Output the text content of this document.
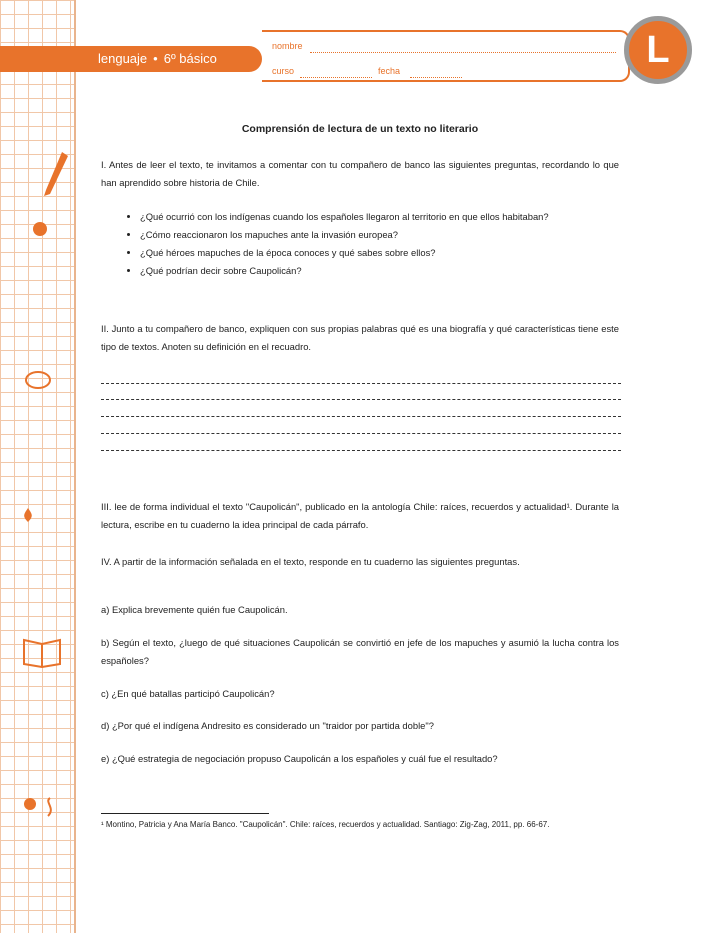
lenguaje • 6º básico
nombre
curso	fecha	L
Comprensión de lectura de un texto no literario
I. Antes de leer el texto, te invitamos a comentar con tu compañero de banco las siguientes preguntas, recordando lo que han aprendido sobre historia de Chile.
• ¿Qué ocurrió con los indígenas cuando los españoles llegaron al territorio en que ellos habitaban?
• ¿Cómo reaccionaron los mapuches ante la invasión europea?
• ¿Qué héroes mapuches de la época conoces y qué sabes sobre ellos?
• ¿Qué podrían decir sobre Caupolicán?
II. Junto a tu compañero de banco, expliquen con sus propias palabras qué es una biografía y qué características tiene este tipo de textos. Anoten su definición en el recuadro.
III. lee de forma individual el texto "Caupolicán", publicado en la antología Chile: raíces, recuerdos y actualidad¹. Durante la lectura, escribe en tu cuaderno la idea principal de cada párrafo.
IV. A partir de la información señalada en el texto, responde en tu cuaderno las siguientes preguntas.
a) Explica brevemente quién fue Caupolicán.
b) Según el texto, ¿luego de qué situaciones Caupolicán se convirtió en jefe de los mapuches y asumió la lucha contra los españoles?
c) ¿En qué batallas participó Caupolicán?
d) ¿Por qué el indígena Andresito es considerado un "traidor por partida doble"?
e) ¿Qué estrategia de negociación propuso Caupolicán a los españoles y cuál fue el resultado?
¹ Montino, Patricia y Ana María Banco. "Caupolicán". Chile: raíces, recuerdos y actualidad. Santiago: Zig-Zag, 2011, pp. 66-67.
